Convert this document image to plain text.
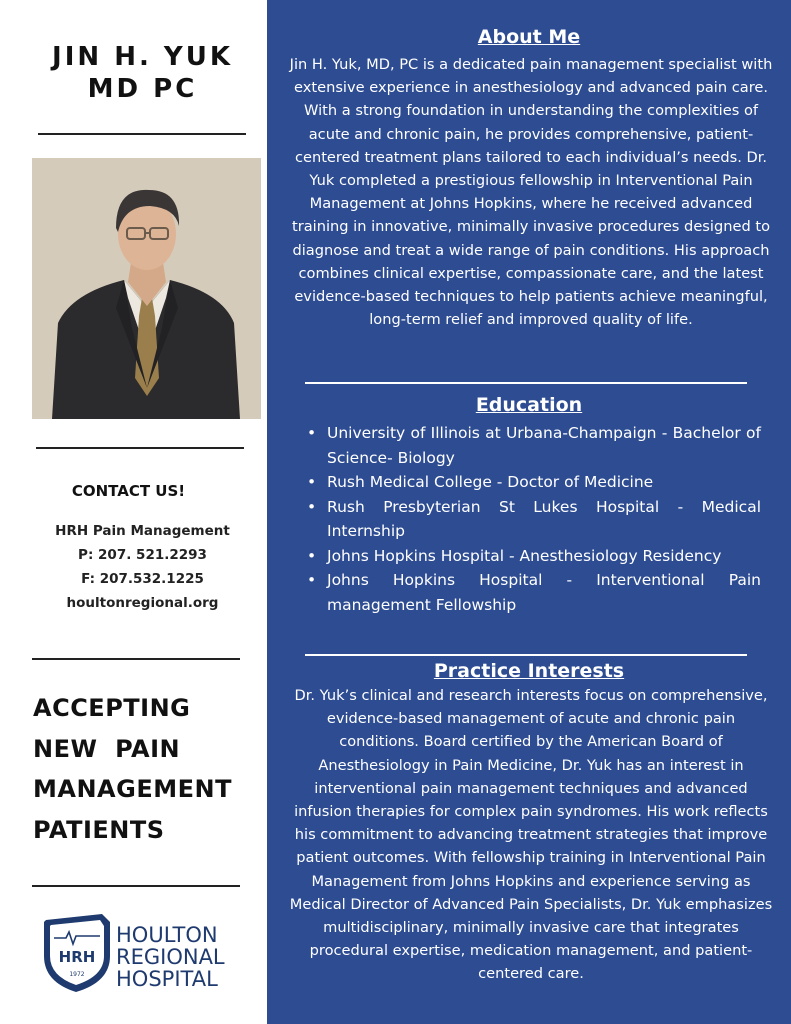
JIN H. YUK
MD PC
CONTACT US!
HRH Pain Management
P: 207. 521.2293
F: 207.532.1225
houltonregional.org
ACCEPTING
NEW  PAIN
MANAGEMENT
PATIENTS
HRH
1972
HOULTON
REGIONAL
HOSPITAL
About Me
Jin H. Yuk, MD, PC is a dedicated pain management specialist with extensive experience in anesthesiology and advanced pain care. With a strong foundation in understanding the complexities of acute and chronic pain, he provides comprehensive, patient-centered treatment plans tailored to each individual’s needs. Dr. Yuk completed a prestigious fellowship in Interventional Pain Management at Johns Hopkins, where he received advanced training in innovative, minimally invasive procedures designed to diagnose and treat a wide range of pain conditions. His approach combines clinical expertise, compassionate care, and the latest evidence-based techniques to help patients achieve meaningful, long-term relief and improved quality of life.
Education
• University of Illinois at Urbana-Champaign - Bachelor of Science- Biology
• Rush Medical College - Doctor of Medicine
• Rush Presbyterian St Lukes Hospital - Medical Internship
• Johns Hopkins Hospital - Anesthesiology Residency
• Johns Hopkins Hospital - Interventional Pain management Fellowship
Practice Interests
Dr. Yuk’s clinical and research interests focus on comprehensive, evidence-based management of acute and chronic pain conditions. Board certified by the American Board of Anesthesiology in Pain Medicine, Dr. Yuk has an interest in interventional pain management techniques and advanced infusion therapies for complex pain syndromes. His work reflects his commitment to advancing treatment strategies that improve patient outcomes. With fellowship training in Interventional Pain Management from Johns Hopkins and experience serving as Medical Director of Advanced Pain Specialists, Dr. Yuk emphasizes multidisciplinary, minimally invasive care that integrates procedural expertise, medication management, and patient-centered care.
